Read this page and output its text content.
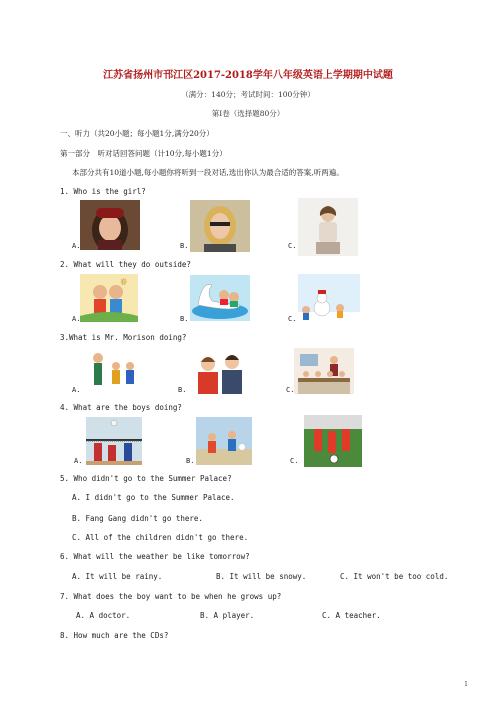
江苏省扬州市邗江区2017-2018学年八年级英语上学期期中试题
（满分：140分；考试时间：100分钟）
第Ⅰ卷（选择题80分）
一、听力（共20小题；每小题1分,满分20分）
第一部分　听对话回答问题（计10分,每小题1分）
本部分共有10道小题,每小题你将听到一段对话,选出你认为最合适的答案,听两遍。
1. Who is the girl?
A.	B.	C.
2. What will they do outside?
A.
春
B.	C.
3.What is Mr. Morison doing?
A.	B.	C.
4. What are the boys doing?
A.	B.	C.
5. Who didn't go to the Summer Palace?
A. I didn't go to the Summer Palace.
B. Fang Gang didn't go there.
C. All of the children didn't go there.
6. What will the weather be like tomorrow?
A. It will be rainy.	B. It will be snowy.	C. It won't be too cold.
7. What does the boy want to be when he grows up?
A. A doctor.	B. A player.	C. A teacher.
8. How much are the CDs?
1
